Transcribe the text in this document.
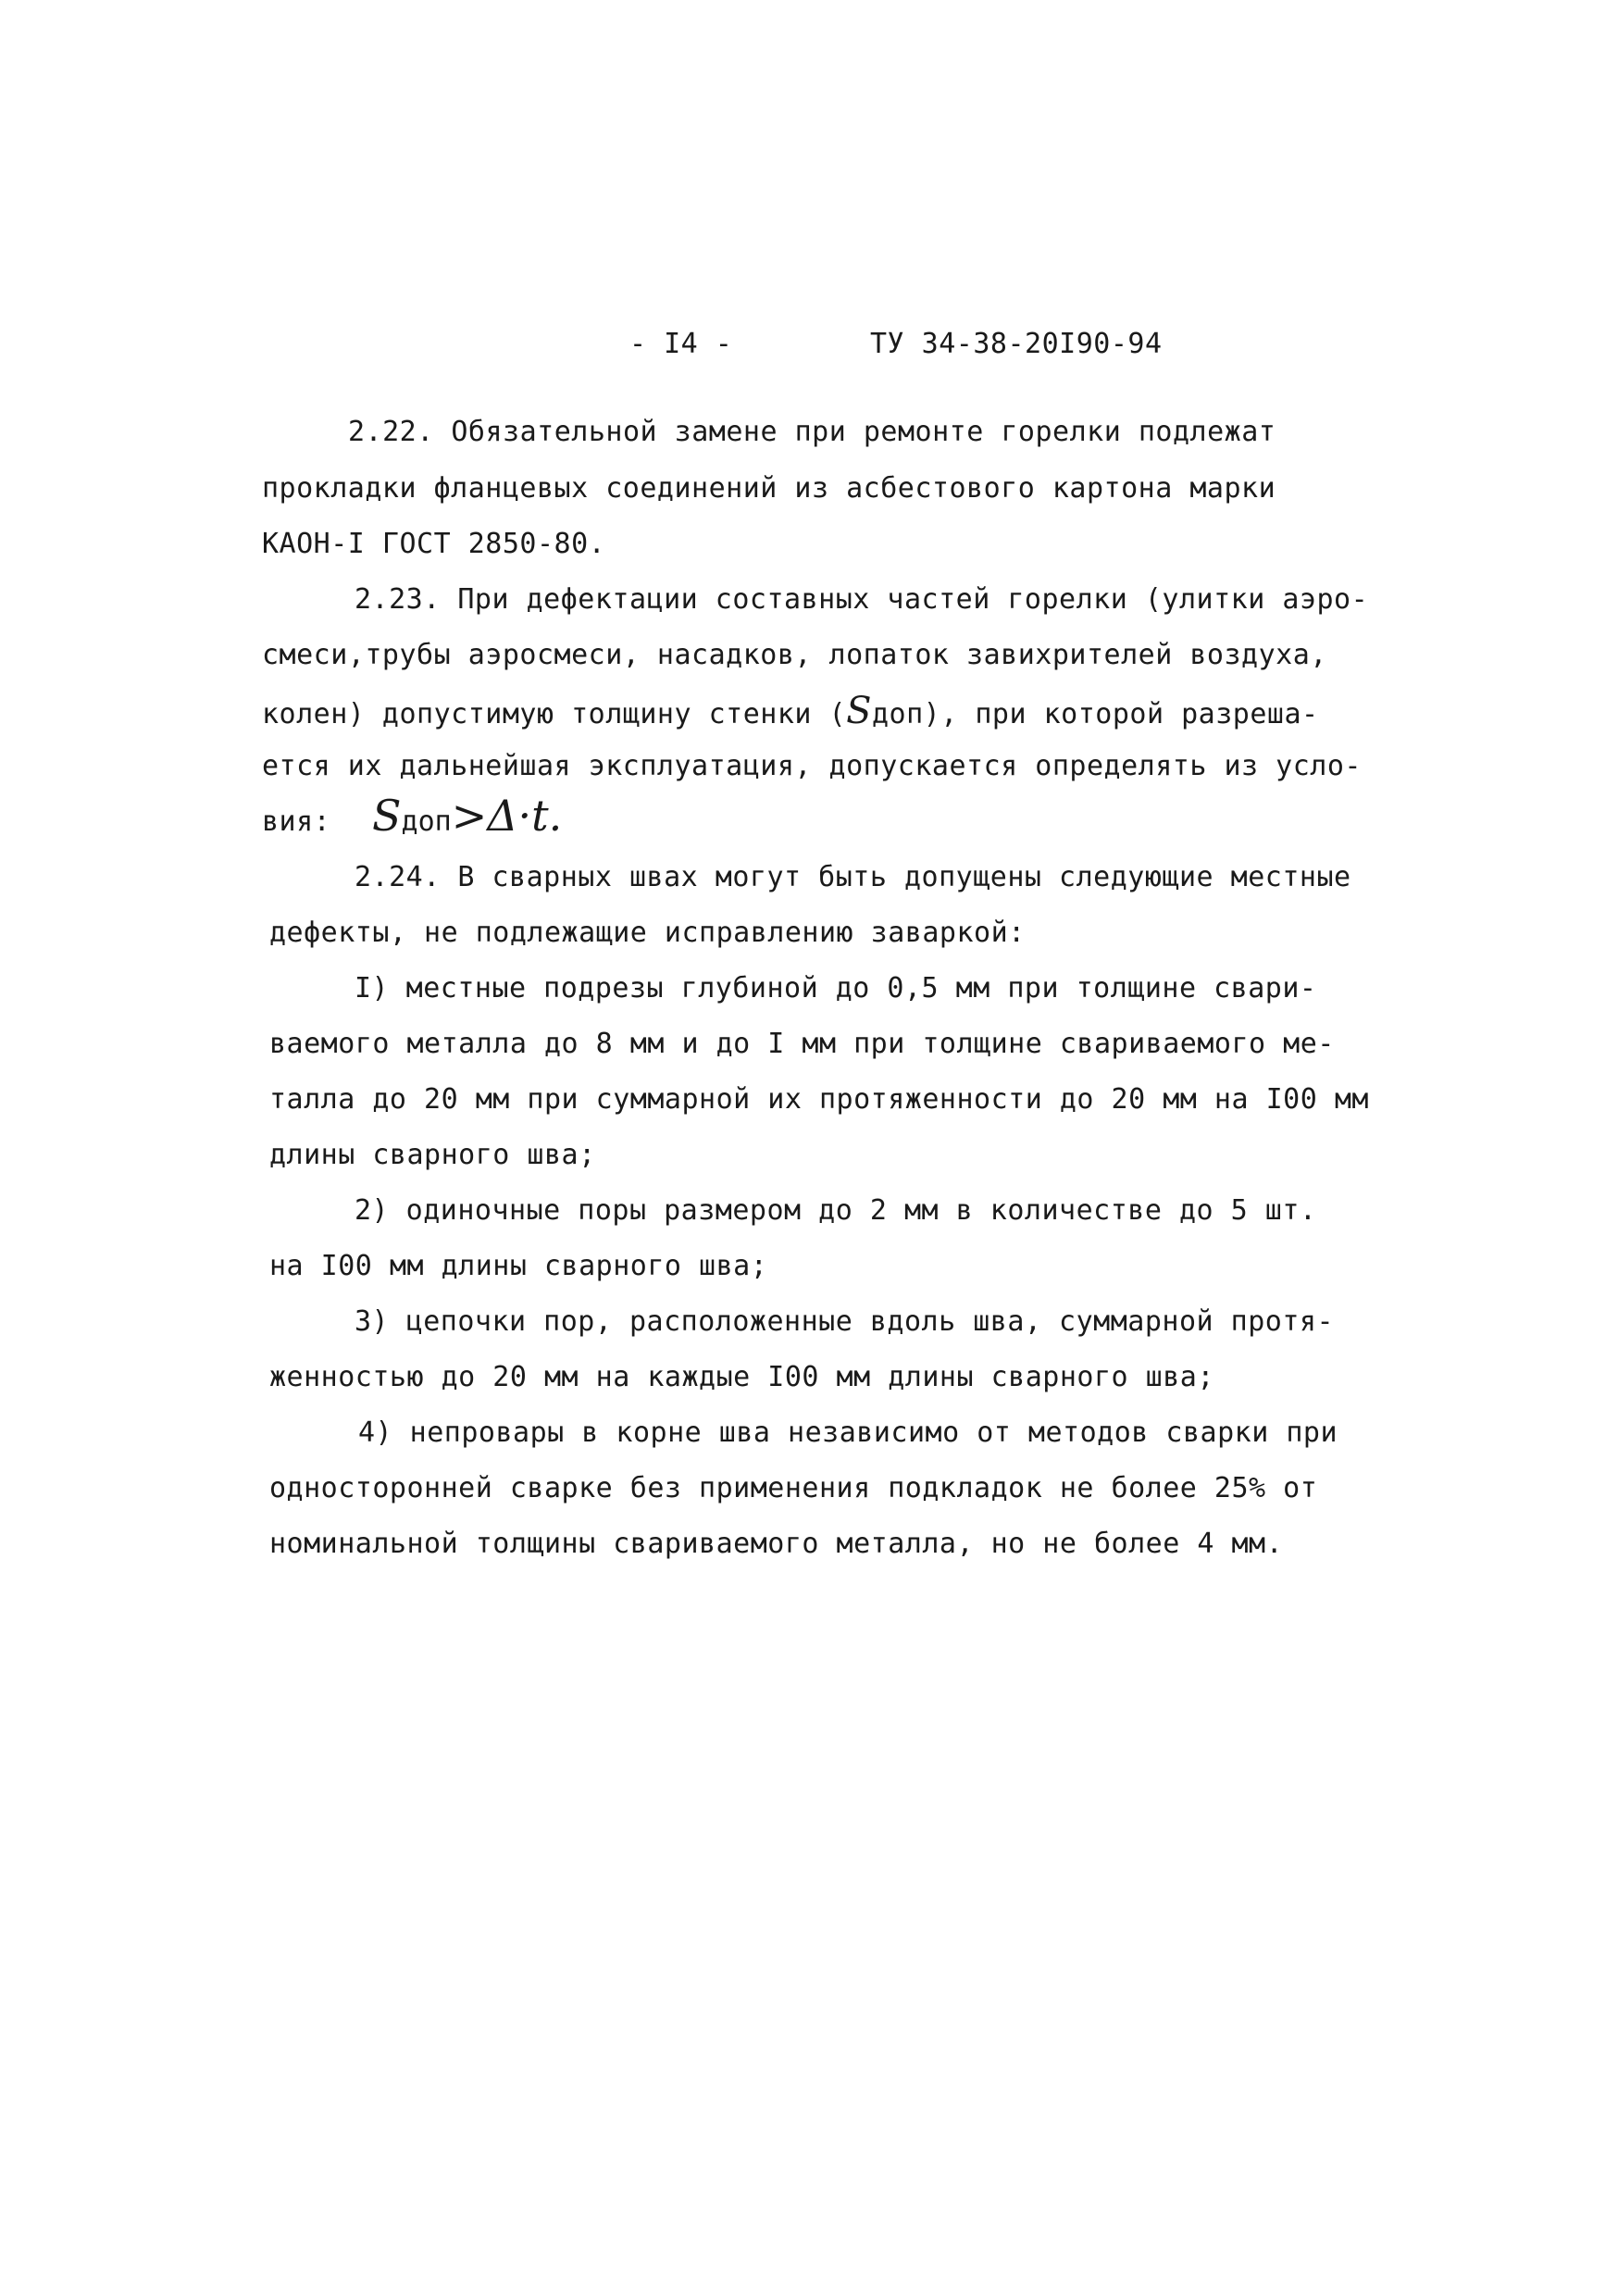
- I4 -	ТУ 34-38-20I90-94
2.22. Обязательной замене при ремонте горелки подлежат
прокладки фланцевых соединений из асбестового картона марки
КАОН-I ГОСТ 2850-80.
2.23. При дефектации составных частей горелки (улитки аэро-
смеси,трубы аэросмеси, насадков, лопаток завихрителей воздуха,
колен) допустимую толщину стенки (Sдоп), при которой разреша-
ется их дальнейшая эксплуатация, допускается определять из усло-
вия: Sдоп>Δ·t.
2.24. В сварных швах могут быть допущены следующие местные
дефекты, не подлежащие исправлению заваркой:
I) местные подрезы глубиной до 0,5 мм при толщине свари-
ваемого металла до 8 мм и до I мм при толщине свариваемого ме-
талла до 20 мм при суммарной их протяженности до 20 мм на I00 мм
длины сварного шва;
2) одиночные поры размером до 2 мм в количестве до 5 шт.
на I00 мм длины сварного шва;
3) цепочки пор, расположенные вдоль шва, суммарной протя-
женностью до 20 мм на каждые I00 мм длины сварного шва;
4) непровары в корне шва независимо от методов сварки при
односторонней сварке без применения подкладок не более 25% от
номинальной толщины свариваемого металла, но не более 4 мм.
